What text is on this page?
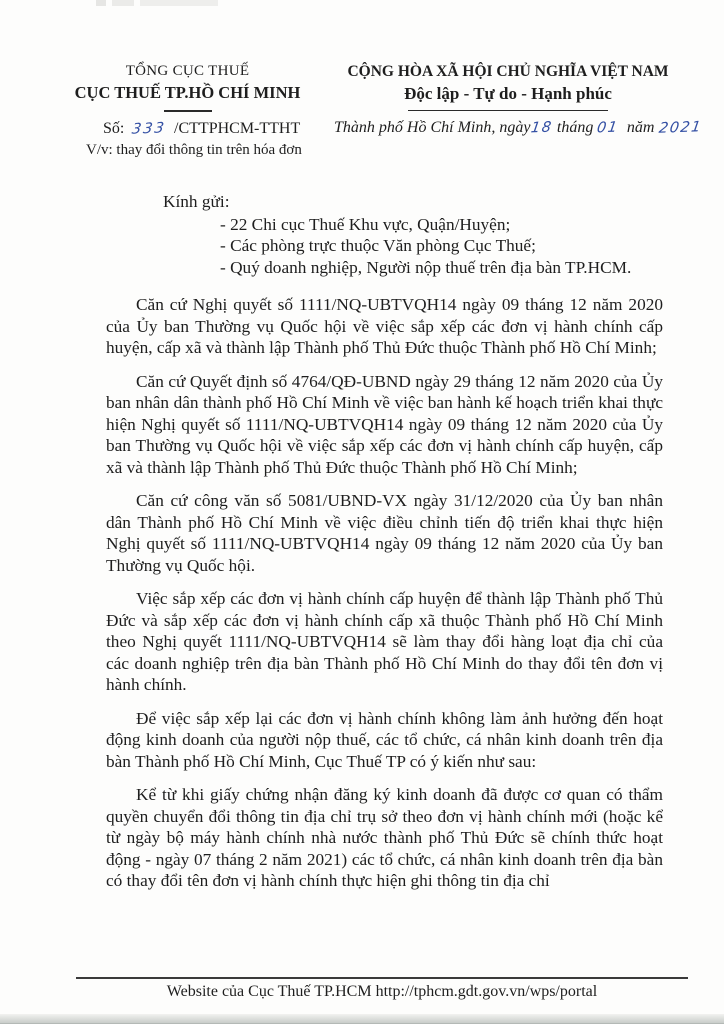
TỔNG CỤC THUẾ
CỤC THUẾ TP.HỒ CHÍ MINH
CỘNG HÒA XÃ HỘI CHỦ NGHĨA VIỆT NAM
Độc lập - Tự do - Hạnh phúc
Số: 333 /CTTPHCM-TTHT
V/v: thay đổi thông tin trên hóa đơn
Thành phố Hồ Chí Minh, ngày18 tháng 01 năm 2021
Kính gửi:
- 22 Chi cục Thuế Khu vực, Quận/Huyện;
- Các phòng trực thuộc Văn phòng Cục Thuế;
- Quý doanh nghiệp, Người nộp thuế trên địa bàn TP.HCM.

Căn cứ Nghị quyết số 1111/NQ-UBTVQH14 ngày 09 tháng 12 năm 2020 của Ủy ban Thường vụ Quốc hội về việc sắp xếp các đơn vị hành chính cấp huyện, cấp xã và thành lập Thành phố Thủ Đức thuộc Thành phố Hồ Chí Minh;

Căn cứ Quyết định số 4764/QĐ-UBND ngày 29 tháng 12 năm 2020 của Ủy ban nhân dân thành phố Hồ Chí Minh về việc ban hành kế hoạch triển khai thực hiện Nghị quyết số 1111/NQ-UBTVQH14 ngày 09 tháng 12 năm 2020 của Ủy ban Thường vụ Quốc hội về việc sắp xếp các đơn vị hành chính cấp huyện, cấp xã và thành lập Thành phố Thủ Đức thuộc Thành phố Hồ Chí Minh;

Căn cứ công văn số 5081/UBND-VX ngày 31/12/2020 của Ủy ban nhân dân Thành phố Hồ Chí Minh về việc điều chỉnh tiến độ triển khai thực hiện Nghị quyết số 1111/NQ-UBTVQH14 ngày 09 tháng 12 năm 2020 của Ủy ban Thường vụ Quốc hội.

Việc sắp xếp các đơn vị hành chính cấp huyện để thành lập Thành phố Thủ Đức và sắp xếp các đơn vị hành chính cấp xã thuộc Thành phố Hồ Chí Minh theo Nghị quyết 1111/NQ-UBTVQH14 sẽ làm thay đổi hàng loạt địa chỉ của các doanh nghiệp trên địa bàn Thành phố Hồ Chí Minh do thay đổi tên đơn vị hành chính.

Để việc sắp xếp lại các đơn vị hành chính không làm ảnh hưởng đến hoạt động kinh doanh của người nộp thuế, các tổ chức, cá nhân kinh doanh trên địa bàn Thành phố Hồ Chí Minh, Cục Thuế TP có ý kiến như sau:

Kể từ khi giấy chứng nhận đăng ký kinh doanh đã được cơ quan có thẩm quyền chuyển đổi thông tin địa chỉ trụ sở theo đơn vị hành chính mới (hoặc kể từ ngày bộ máy hành chính nhà nước thành phố Thủ Đức sẽ chính thức hoạt động - ngày 07 tháng 2 năm 2021) các tổ chức, cá nhân kinh doanh trên địa bàn có thay đổi tên đơn vị hành chính thực hiện ghi thông tin địa chỉ

Website của Cục Thuế TP.HCM http://tphcm.gdt.gov.vn/wps/portal
